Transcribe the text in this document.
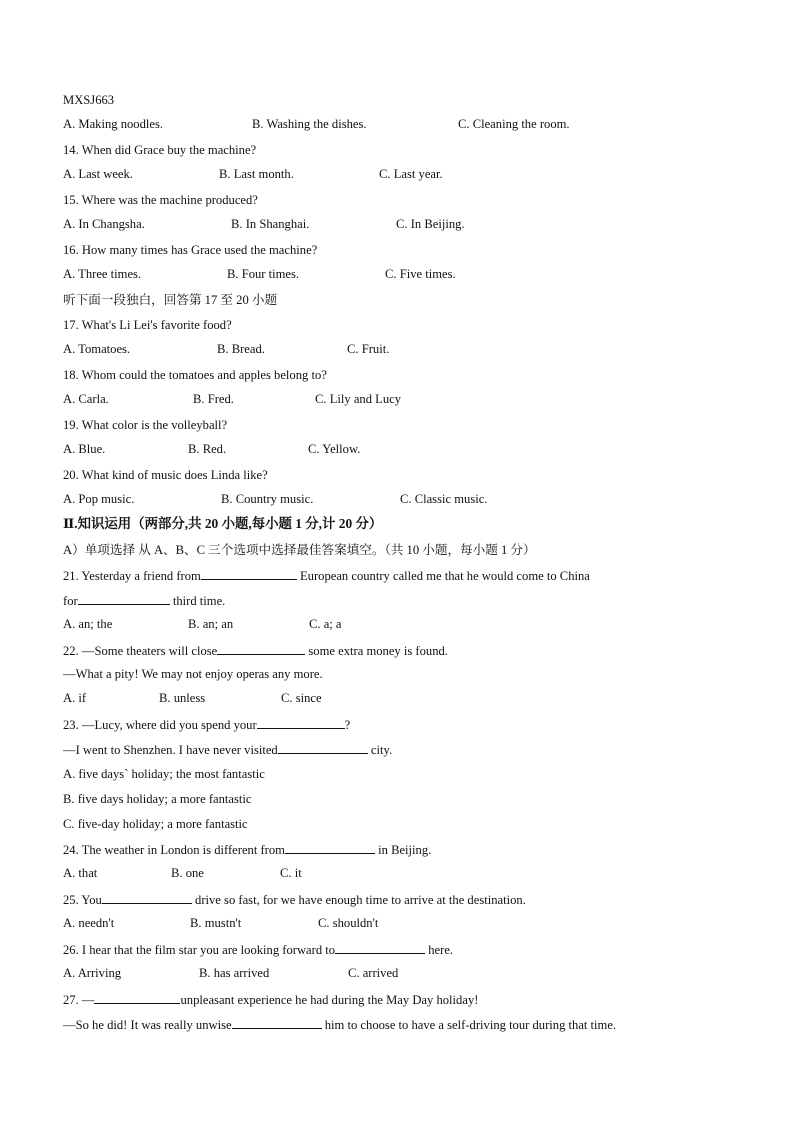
MXSJ663
A. Making noodles.	B. Washing the dishes.	C. Cleaning the room.
14. When did Grace buy the machine?
A. Last week.	B. Last month.	C. Last year.
15. Where was the machine produced?
A. In Changsha.	B. In Shanghai.	C. In Beijing.
16. How many times has Grace used the machine?
A. Three times.	B. Four times.	C. Five times.
听下面一段独白，回答第 17 至 20 小题
17. What's Li Lei's favorite food?
A. Tomatoes.	B. Bread.	C. Fruit.
18. Whom could the tomatoes and apples belong to?
A. Carla.	B. Fred.	C. Lily and Lucy
19. What color is the volleyball?
A. Blue.	B. Red.	C. Yellow.
20. What kind of music does Linda like?
A. Pop music.	B. Country music.	C. Classic music.
Ⅱ.知识运用（两部分,共 20 小题,每小题 1 分,计 20 分）
A）单项选择 从 A、B、C 三个选项中选择最佳答案填空。（共 10 小题，每小题 1 分）
21. Yesterday a friend from	European country called me that he would come to China
for	third time.
A. an; the	B. an; an	C. a; a
22. —Some theaters will close	some extra money is found.
—What a pity! We may not enjoy operas any more.
A. if	B. unless	C. since
23. —Lucy, where did you spend your	?
—I went to Shenzhen. I have never visited	city.
A. five days` holiday; the most fantastic
B. five days holiday; a more fantastic
C. five-day holiday; a more fantastic
24. The weather in London is different from	in Beijing.
A. that	B. one	C. it
25. You	drive so fast, for we have enough time to arrive at the destination.
A. needn't	B. mustn't	C. shouldn't
26. I hear that the film star you are looking forward to	here.
A. Arriving	B. has arrived	C. arrived
27. —	unpleasant experience he had during the May Day holiday!
—So he did! It was really unwise	him to choose to have a self-driving tour during that time.
